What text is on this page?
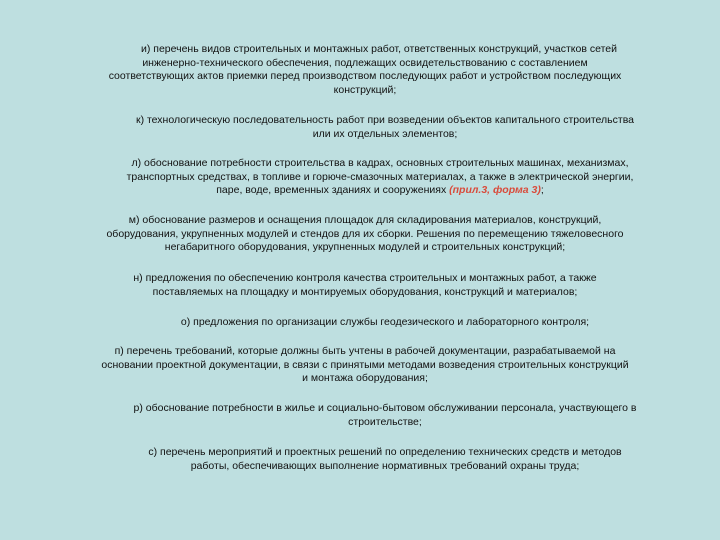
и) перечень видов строительных и монтажных работ, ответственных конструкций, участков сетей
инженерно-технического обеспечения, подлежащих освидетельствованию с составлением
соответствующих актов приемки перед производством последующих работ и устройством последующих
конструкций;
к) технологическую последовательность работ при возведении объектов капитального строительства
или их отдельных элементов;
л) обоснование потребности строительства в кадрах, основных строительных машинах, механизмах,
транспортных средствах, в топливе и горюче-смазочных материалах, а также в электрической энергии,
паре, воде, временных зданиях и сооружениях (прил.3, форма 3);
м) обоснование размеров и оснащения площадок для складирования материалов, конструкций,
оборудования, укрупненных модулей и стендов для их сборки. Решения по перемещению тяжеловесного
негабаритного оборудования, укрупненных модулей и строительных конструкций;
н) предложения по обеспечению контроля качества строительных и монтажных работ, а также
поставляемых на площадку и монтируемых оборудования, конструкций и материалов;
о) предложения по организации службы геодезического и лабораторного контроля;
п) перечень требований, которые должны быть учтены в рабочей документации, разрабатываемой на
основании проектной документации, в связи с принятыми методами возведения строительных конструкций
и монтажа оборудования;
р) обоснование потребности в жилье и социально-бытовом обслуживании персонала, участвующего в
строительстве;
с) перечень мероприятий и проектных решений по определению технических средств и методов
работы, обеспечивающих выполнение нормативных требований охраны труда;
